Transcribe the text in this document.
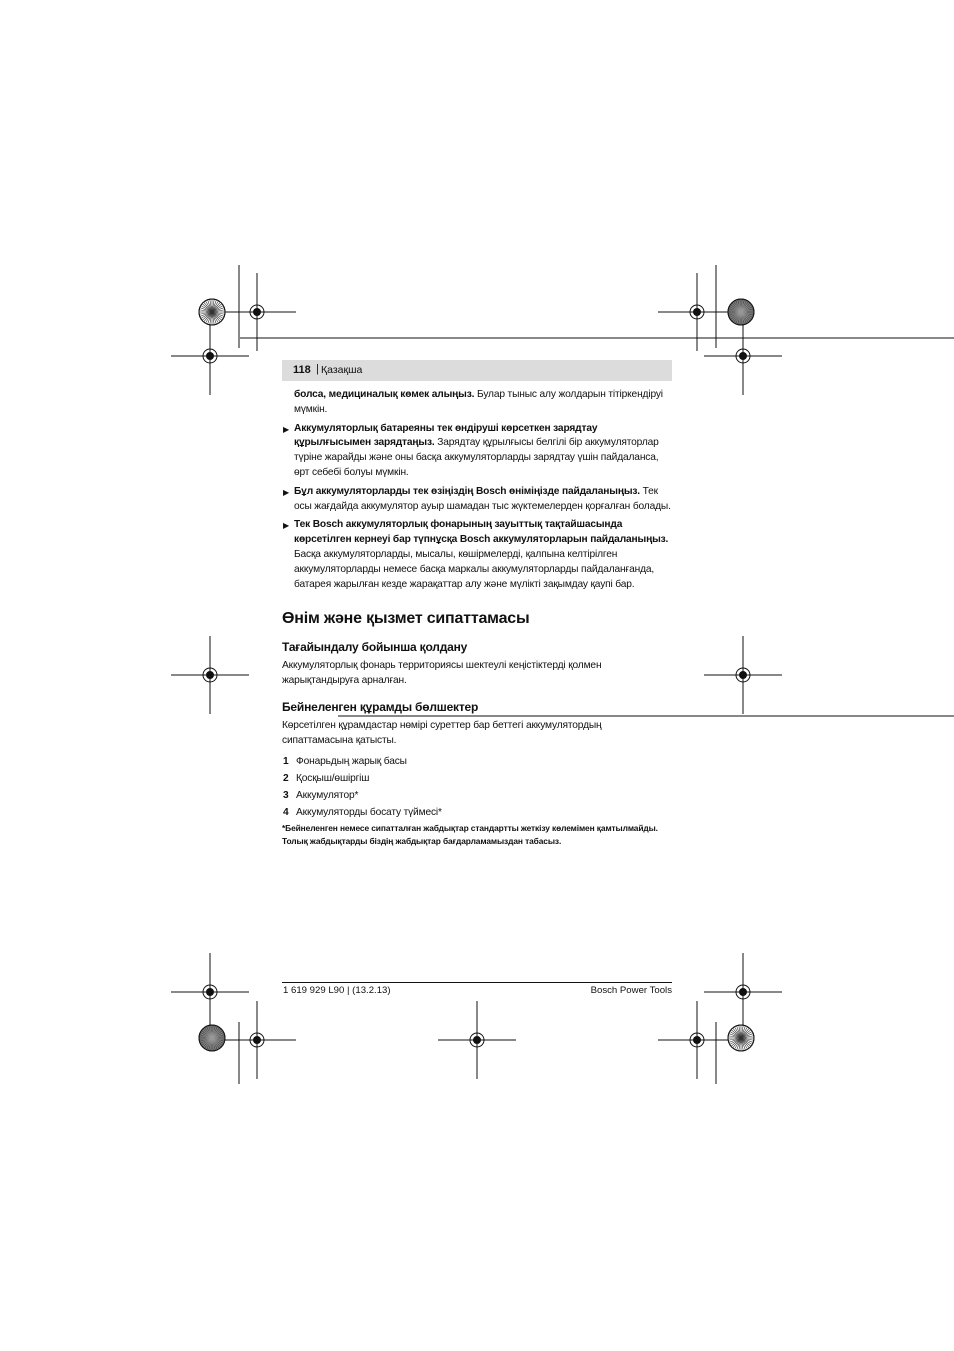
118 | Қазақша

болса, медициналық көмек алыңыз. Булар тыныс алу жолдарын тітіркендіруі мүмкін.

▶ Аккумуляторлық батареяны тек өндіруші көрсеткен зарядтау құрылғысымен зарядтаңыз. Зарядтау құрылғысы белгілі бір аккумуляторлар түріне жарайды және оны басқа аккумуляторларды зарядтау үшін пайдаланса, өрт себебі болуы мүмкін.
▶ Бұл аккумуляторларды тек өзіңіздің Bosch өніміңізде пайдаланыңыз. Тек осы жағдайда аккумулятор ауыр шамадан тыс жүктемелерден қорғалған болады.
▶ Тек Bosch аккумуляторлық фонарының зауыттық тақтайшасында көрсетілген кернеуі бар түпнұсқа Bosch аккумуляторларын пайдаланыңыз. Басқа аккумуляторларды, мысалы, көшірмелерді, қалпына келтірілген аккумуляторларды немесе басқа маркалы аккумуляторларды пайдаланғанда, батарея жарылған кезде жарақаттар алу және мүлікті зақымдау қаупі бар.
Өнім және қызмет сипаттамасы
Тағайындалу бойынша қолдану

Аккумуляторлық фонарь территориясы шектеулі кеңістіктерді қолмен жарықтандыруға арналған.

Бейнеленген құрамды бөлшектер

Көрсетілген құрамдастар нөмірі суреттер бар беттегі аккумулятордың сипаттамасына қатысты.

1 Фонарьдың жарық басы
2 Қосқыш/өшіргіш
3 Аккумулятор*
4 Аккумуляторды босату түймесі*

*Бейнеленген немесе сипатталған жабдықтар стандартты жеткізу көлемімен қамтылмайды. Толық жабдықтарды біздің жабдықтар бағдарламамыздан табасыз.

1 619 929 L90 | (13.2.13)	Bosch Power Tools
